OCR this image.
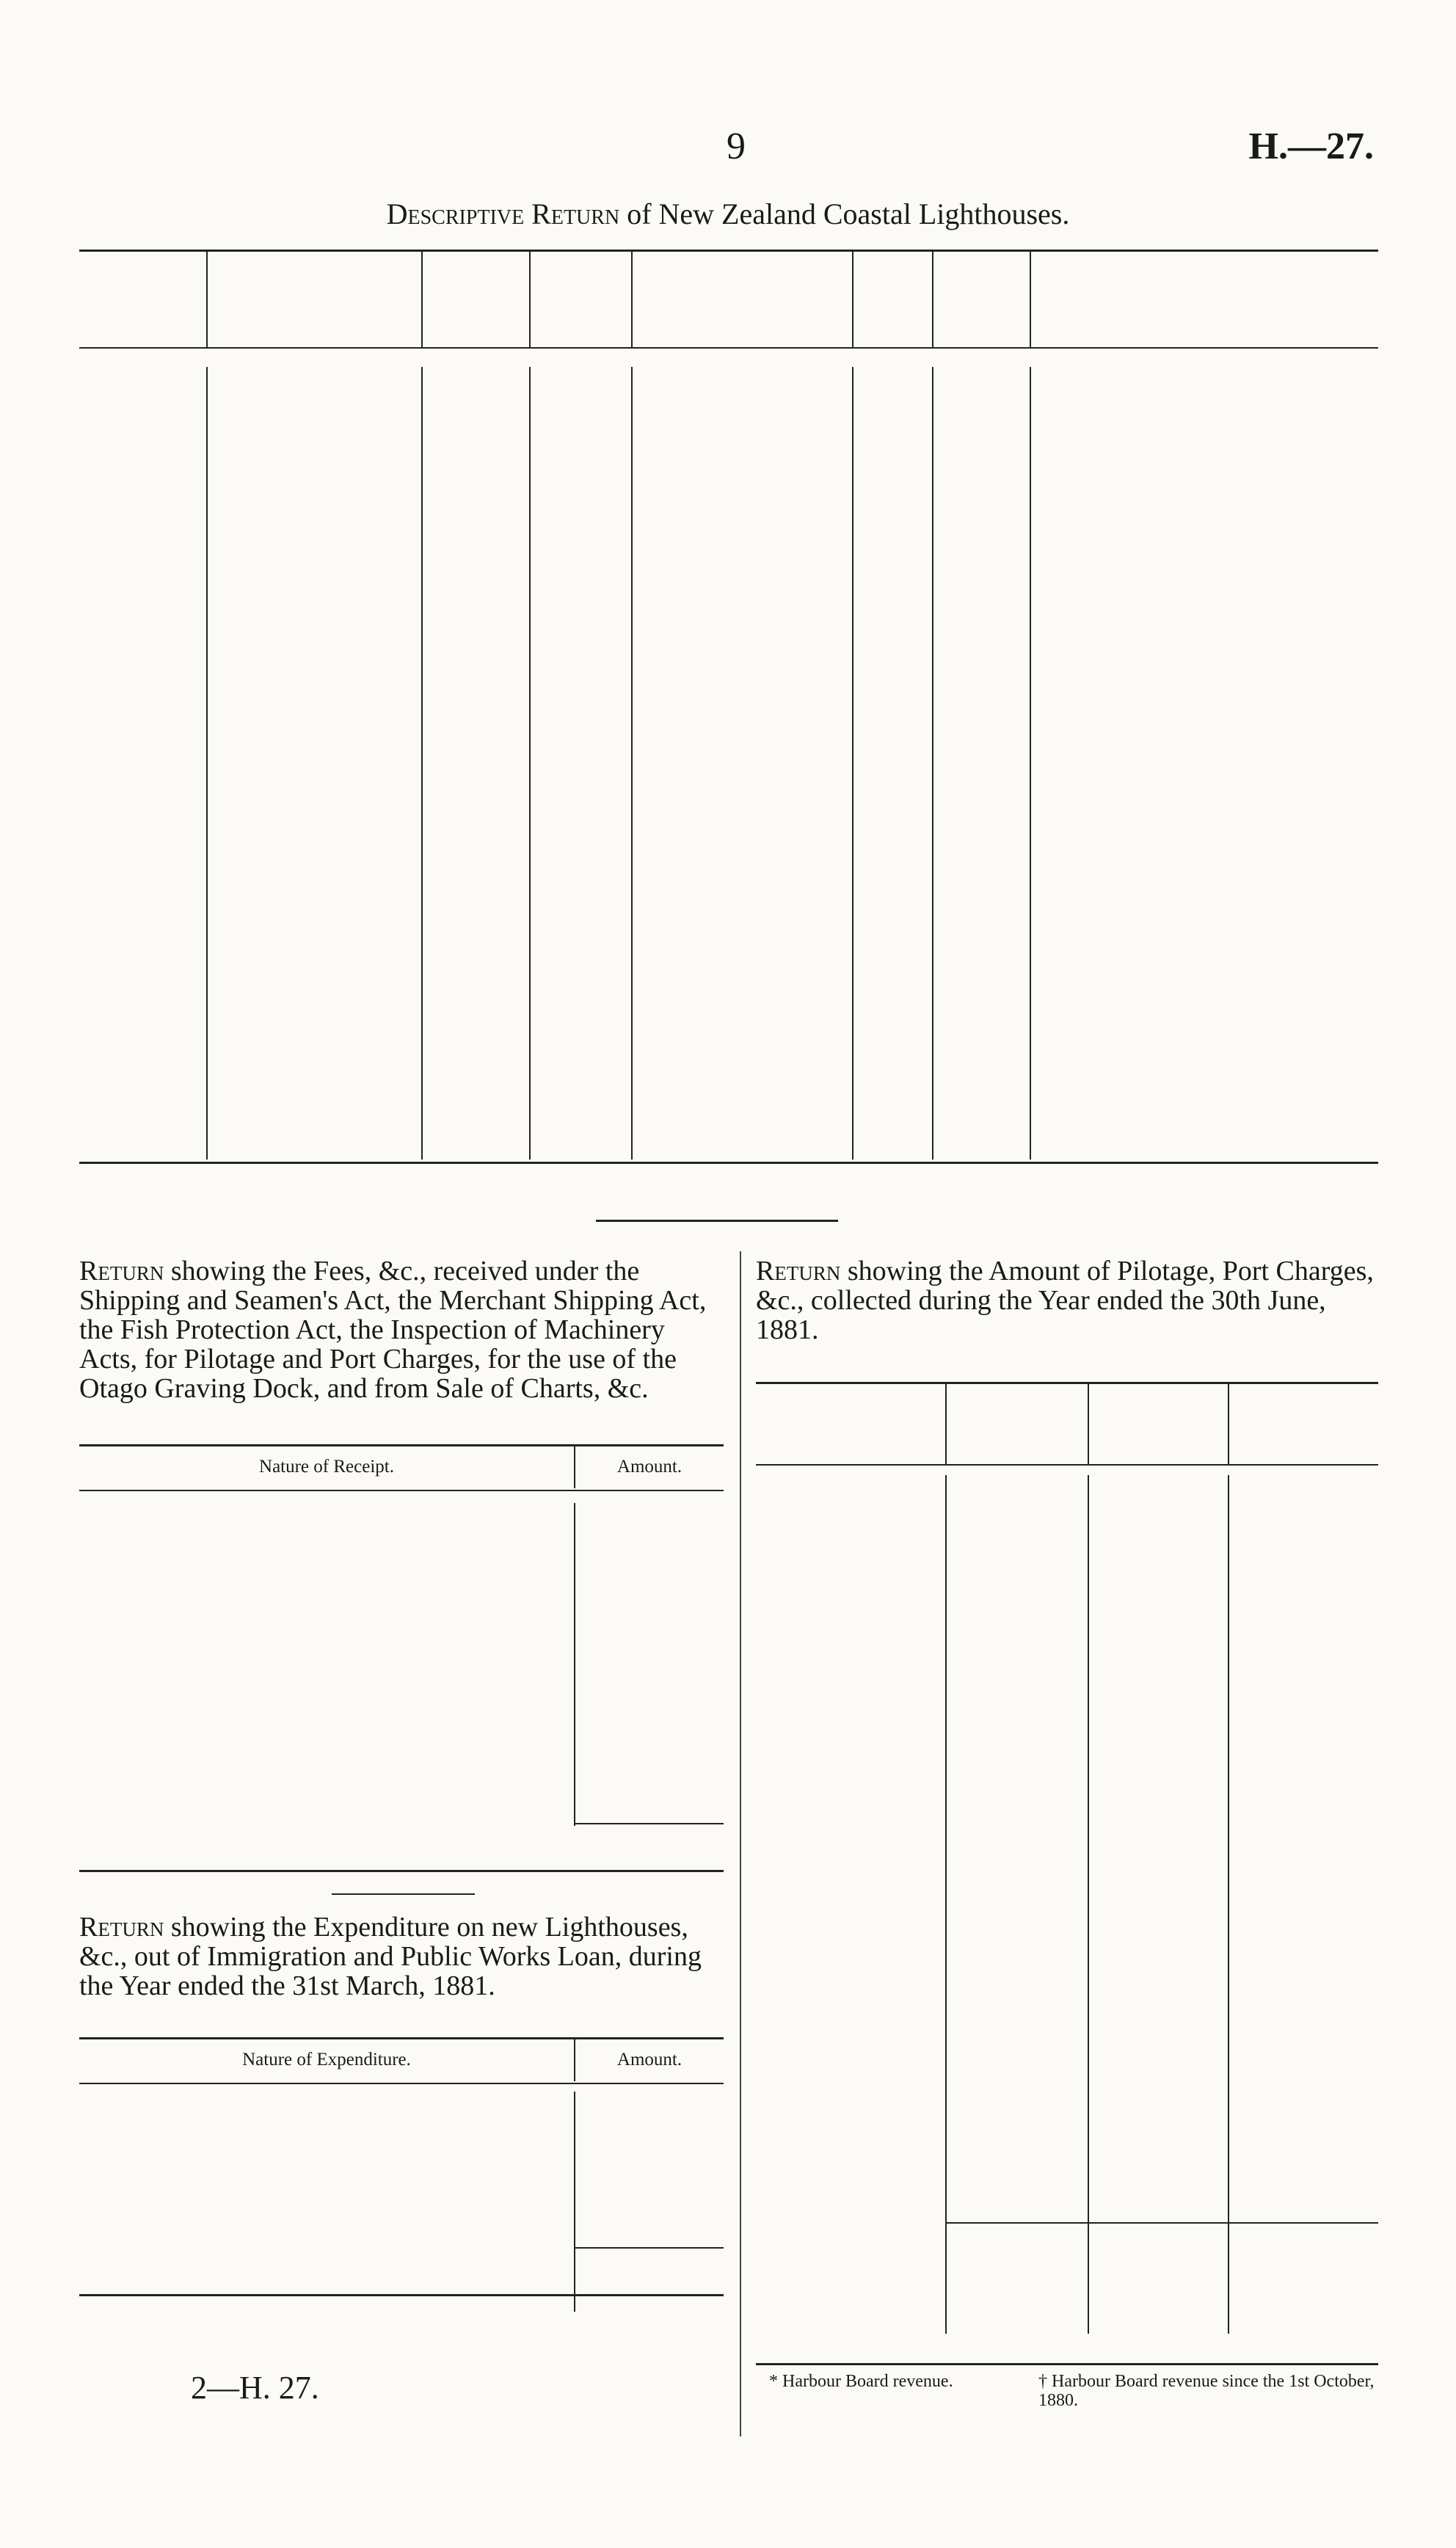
9	H.—27.
Descriptive Return of New Zealand Coastal Lighthouses.
Return showing the Fees, &c., received under the Shipping and Seamen's Act, the Merchant Shipping Act, the Fish Protection Act, the Inspection of Machinery Acts, for Pilotage and Port Charges, for the use of the Otago Graving Dock, and from Sale of Charts, &c.
Nature of Receipt.	Amount.
Return showing the Expenditure on new Lighthouses, &c., out of Immigration and Public Works Loan, during the Year ended the 31st March, 1881.
Nature of Expenditure.	Amount.
2—H. 27.
Return showing the Amount of Pilotage, Port Charges, &c., collected during the Year ended the 30th June, 1881.
* Harbour Board revenue.	† Harbour Board revenue since the 1st October, 1880.
